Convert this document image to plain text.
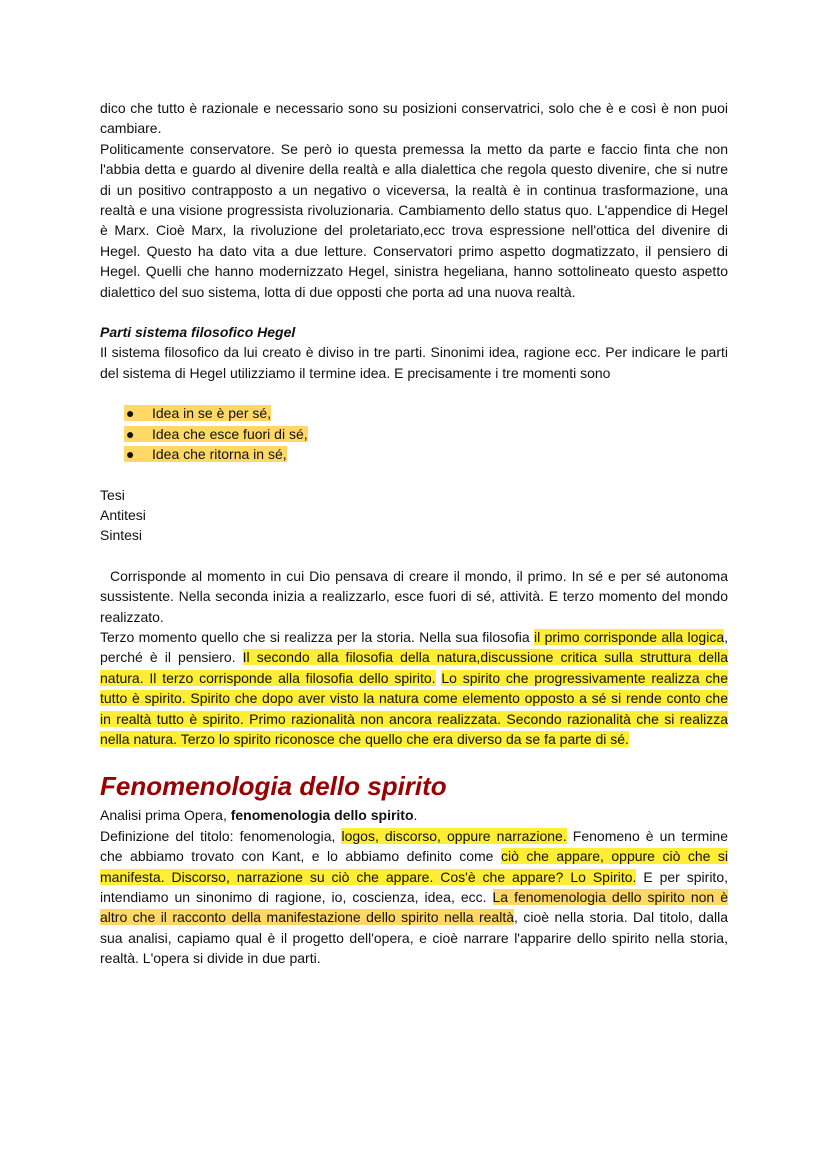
dico che tutto è razionale e necessario sono su posizioni conservatrici, solo che è e così è non puoi cambiare.

Politicamente conservatore. Se però io questa premessa la metto da parte e faccio finta che non l'abbia detta e guardo al divenire della realtà e alla dialettica che regola questo divenire, che si nutre di un positivo contrapposto a un negativo o viceversa, la realtà è in continua trasformazione, una realtà e una visione progressista rivoluzionaria. Cambiamento dello status quo. L'appendice di Hegel è Marx. Cioè Marx, la rivoluzione del proletariato,ecc trova espressione nell'ottica del divenire di Hegel. Questo ha dato vita a due letture. Conservatori primo aspetto dogmatizzato, il pensiero di Hegel. Quelli che hanno modernizzato Hegel, sinistra hegeliana, hanno sottolineato questo aspetto dialettico del suo sistema, lotta di due opposti che porta ad una nuova realtà.

Parti sistema filosofico Hegel

Il sistema filosofico da lui creato è diviso in tre parti. Sinonimi idea, ragione ecc. Per indicare le parti del sistema di Hegel utilizziamo il termine idea. E precisamente i tre momenti sono

● Idea in se è per sé,
● Idea che esce fuori di sé,
● Idea che ritorna in sé,

Tesi

Antitesi

Sintesi

Corrisponde al momento in cui Dio pensava di creare il mondo, il primo. In sé e per sé autonoma sussistente. Nella seconda inizia a realizzarlo, esce fuori di sé, attività. E terzo momento del mondo realizzato.

Terzo momento quello che si realizza per la storia. Nella sua filosofia il primo corrisponde alla logica, perché è il pensiero. Il secondo alla filosofia della natura,discussione critica sulla struttura della natura. Il terzo corrisponde alla filosofia dello spirito. Lo spirito che progressivamente realizza che tutto è spirito. Spirito che dopo aver visto la natura come elemento opposto a sé si rende conto che in realtà tutto è spirito. Primo razionalità non ancora realizzata. Secondo razionalità che si realizza nella natura. Terzo lo spirito riconosce che quello che era diverso da se fa parte di sé.

Fenomenologia dello spirito

Analisi prima Opera, fenomenologia dello spirito.

Definizione del titolo: fenomenologia, logos, discorso, oppure narrazione. Fenomeno è un termine che abbiamo trovato con Kant, e lo abbiamo definito come ciò che appare, oppure ciò che si manifesta. Discorso, narrazione su ciò che appare. Cos'è che appare? Lo Spirito. E per spirito, intendiamo un sinonimo di ragione, io, coscienza, idea, ecc. La fenomenologia dello spirito non è altro che il racconto della manifestazione dello spirito nella realtà, cioè nella storia. Dal titolo, dalla sua analisi, capiamo qual è il progetto dell'opera, e cioè narrare l'apparire dello spirito nella storia, realtà. L'opera si divide in due parti.
